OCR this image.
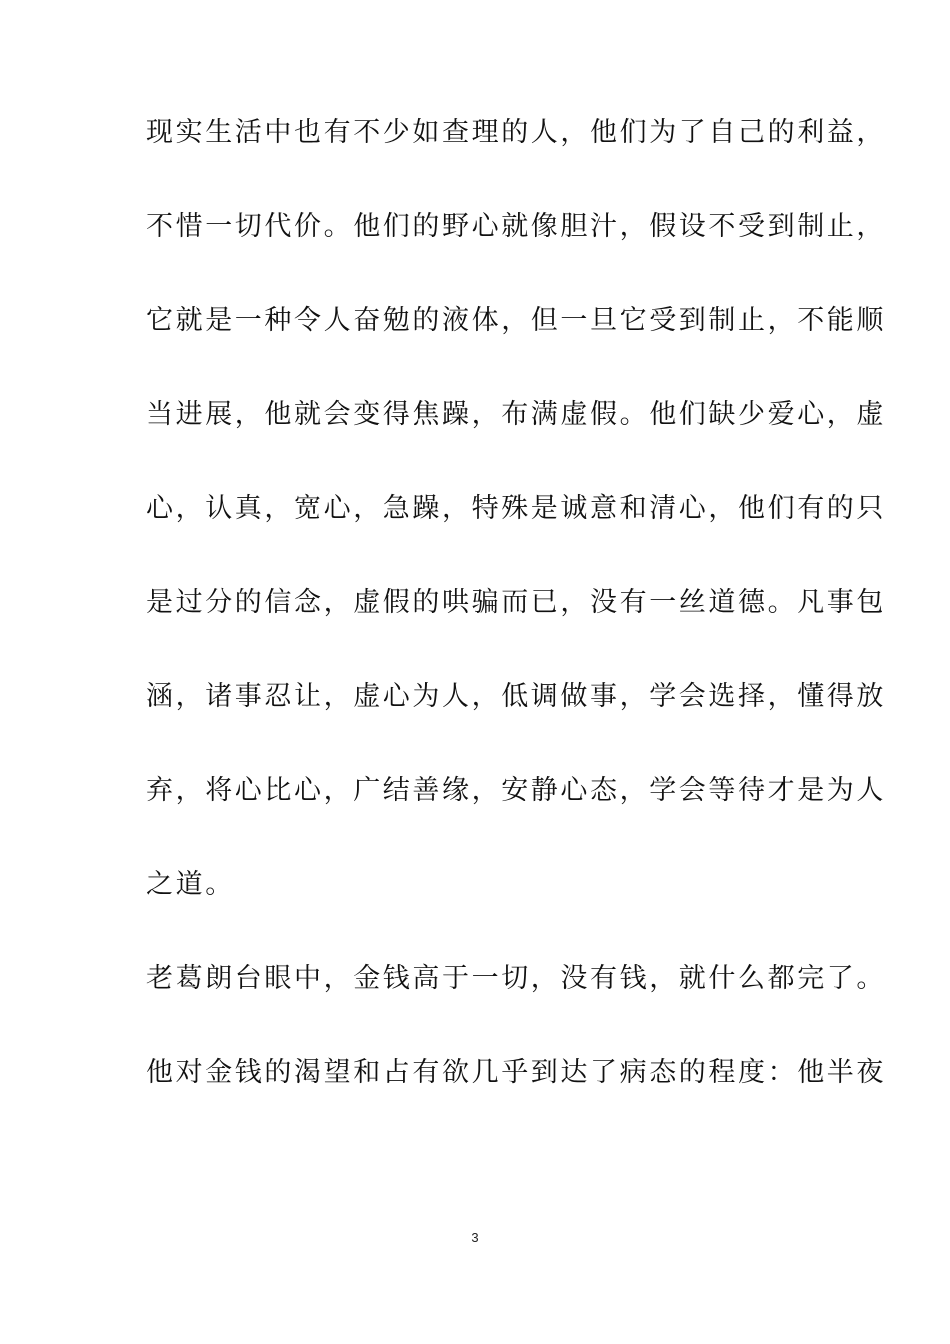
现实生活中也有不少如查理的人，他们为了自己的利益，
不惜一切代价。他们的野心就像胆汁，假设不受到制止，
它就是一种令人奋勉的液体，但一旦它受到制止，不能顺
当进展，他就会变得焦躁，布满虚假。他们缺少爱心，虚
心，认真，宽心，急躁，特殊是诚意和清心，他们有的只
是过分的信念，虚假的哄骗而已，没有一丝道德。凡事包
涵，诸事忍让，虚心为人，低调做事，学会选择，懂得放
弃，将心比心，广结善缘，安静心态，学会等待才是为人
之道。
老葛朗台眼中，金钱高于一切，没有钱，就什么都完了。
他对金钱的渴望和占有欲几乎到达了病态的程度：他半夜
3
